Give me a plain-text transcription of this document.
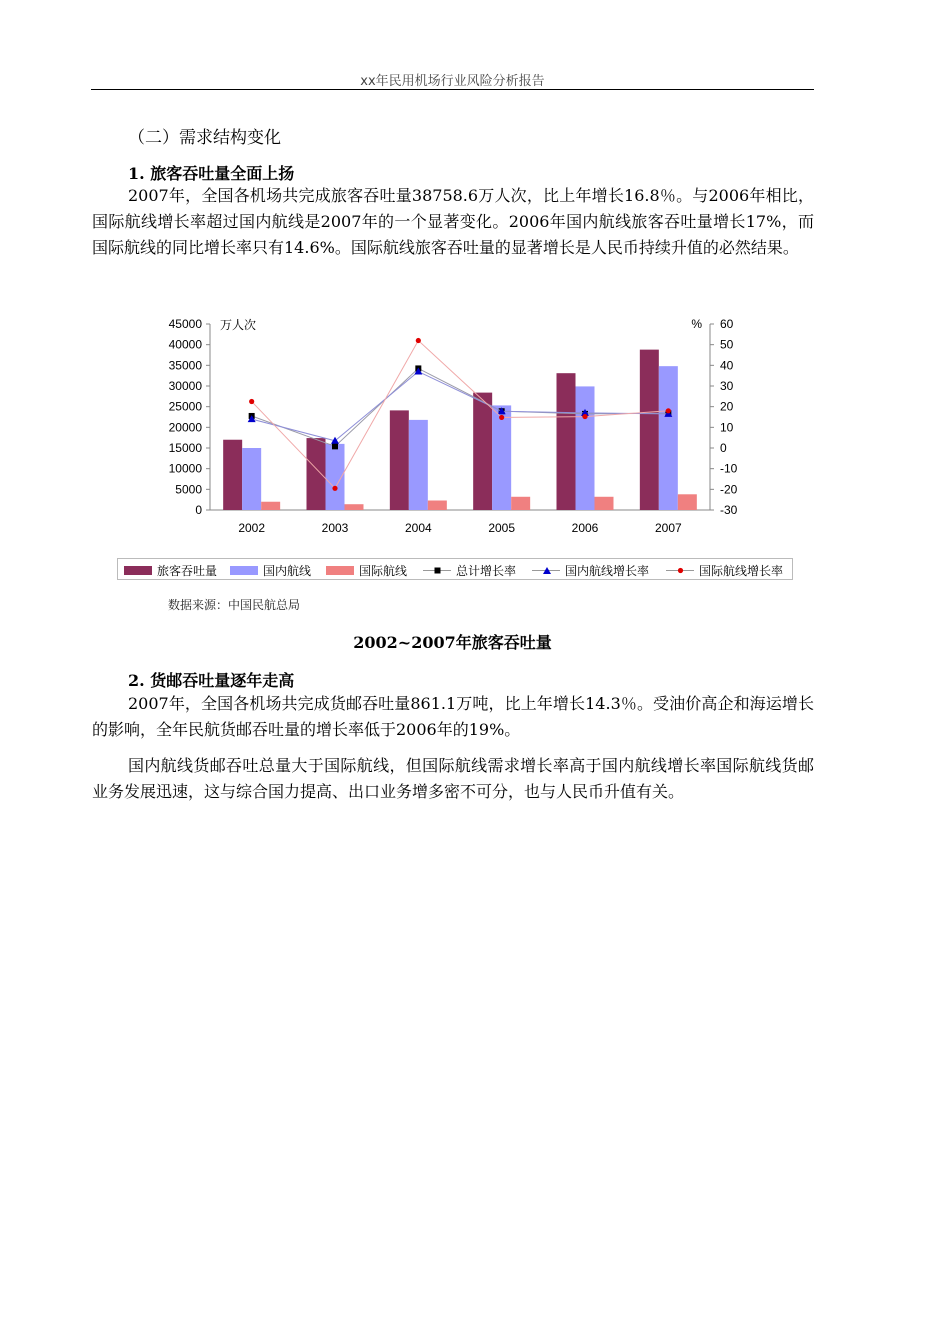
xx年民用机场行业风险分析报告
（二）需求结构变化
1. 旅客吞吐量全面上扬

2007年，全国各机场共完成旅客吞吐量38758.6万人次，比上年增长16.8％。与2006年相比，国际航线增长率超过国内航线是2007年的一个显著变化。2006年国内航线旅客吞吐量增长17%，而国际航线的同比增长率只有14.6%。国际航线旅客吞吐量的显著增长是人民币持续升值的必然结果。

0
5000
10000
15000
20000
25000
30000
35000
40000
45000
-30
-20
-10
0
10
20
30
40
50
60
万人次	%
2002	2003	2004	2005	2006	2007
旅客吞吐量	国内航线	国际航线	总计增长率	国内航线增长率	国际航线增长率
数据来源：中国民航总局
2002~2007年旅客吞吐量
2. 货邮吞吐量逐年走高

2007年，全国各机场共完成货邮吞吐量861.1万吨，比上年增长14.3％。受油价高企和海运增长的影响，全年民航货邮吞吐量的增长率低于2006年的19%。

国内航线货邮吞吐总量大于国际航线，但国际航线需求增长率高于国内航线增长率国际航线货邮业务发展迅速，这与综合国力提高、出口业务增多密不可分，也与人民币升值有关。
